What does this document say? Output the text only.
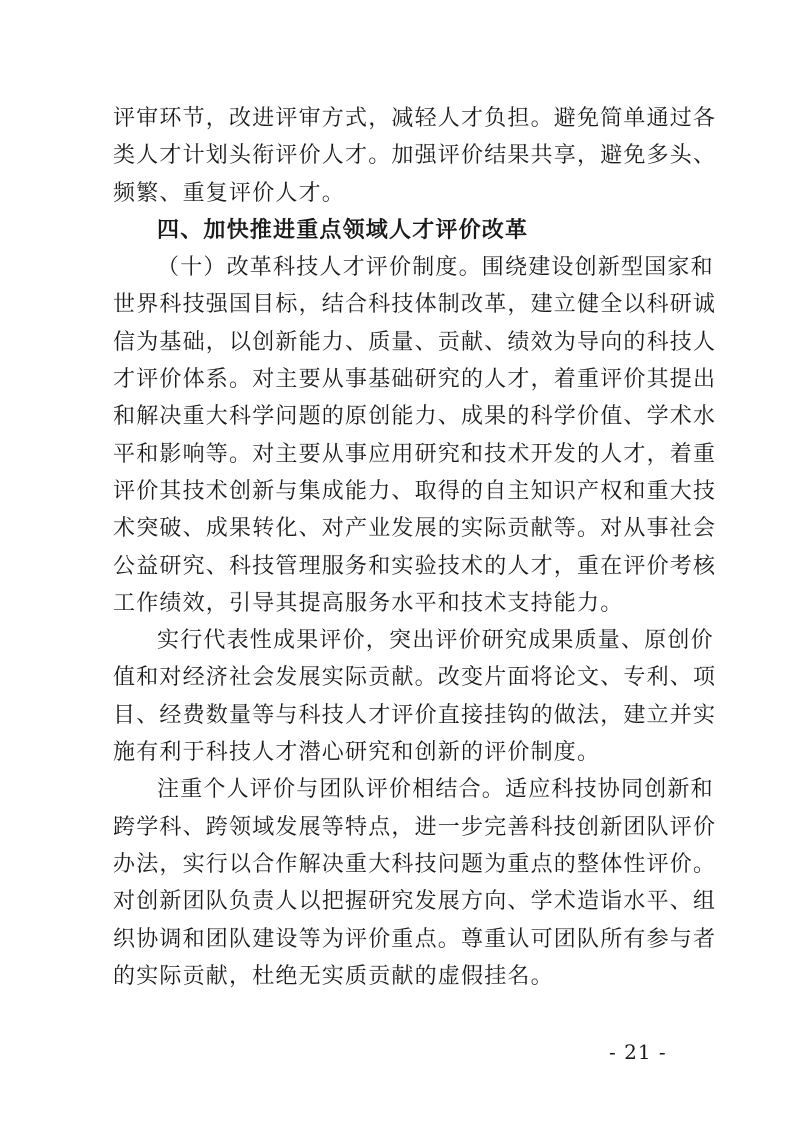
评审环节，改进评审方式，减轻人才负担。避免简单通过各
类人才计划头衔评价人才。加强评价结果共享，避免多头、
频繁、重复评价人才。
四、加快推进重点领域人才评价改革
（十）改革科技人才评价制度。围绕建设创新型国家和
世界科技强国目标，结合科技体制改革，建立健全以科研诚
信为基础，以创新能力、质量、贡献、绩效为导向的科技人
才评价体系。对主要从事基础研究的人才，着重评价其提出
和解决重大科学问题的原创能力、成果的科学价值、学术水
平和影响等。对主要从事应用研究和技术开发的人才，着重
评价其技术创新与集成能力、取得的自主知识产权和重大技
术突破、成果转化、对产业发展的实际贡献等。对从事社会
公益研究、科技管理服务和实验技术的人才，重在评价考核
工作绩效，引导其提高服务水平和技术支持能力。
实行代表性成果评价，突出评价研究成果质量、原创价
值和对经济社会发展实际贡献。改变片面将论文、专利、项
目、经费数量等与科技人才评价直接挂钩的做法，建立并实
施有利于科技人才潜心研究和创新的评价制度。
注重个人评价与团队评价相结合。适应科技协同创新和
跨学科、跨领域发展等特点，进一步完善科技创新团队评价
办法，实行以合作解决重大科技问题为重点的整体性评价。
对创新团队负责人以把握研究发展方向、学术造诣水平、组
织协调和团队建设等为评价重点。尊重认可团队所有参与者
的实际贡献，杜绝无实质贡献的虚假挂名。
- 21 -
